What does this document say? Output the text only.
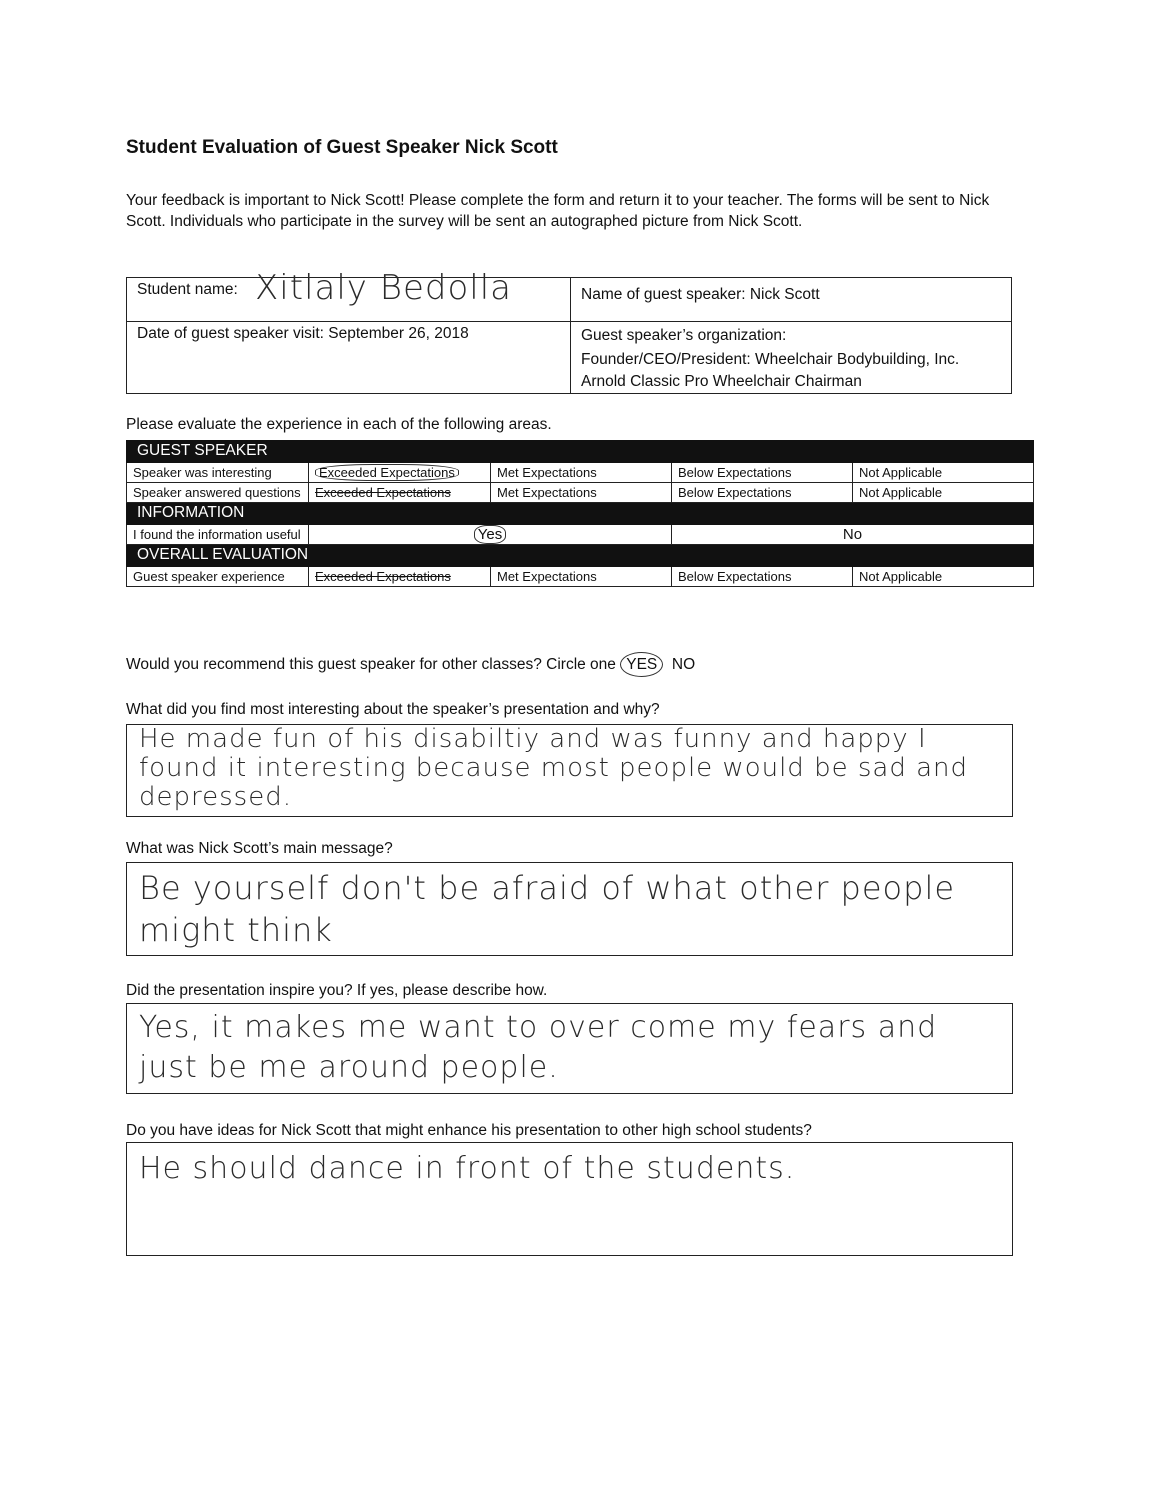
Student Evaluation of Guest Speaker Nick Scott
Your feedback is important to Nick Scott! Please complete the form and return it to your teacher. The forms will be sent to Nick Scott. Individuals who participate in the survey will be sent an autographed picture from Nick Scott.
Student name: Xitlaly Bedolla	Name of guest speaker: Nick Scott
Date of guest speaker visit: September 26, 2018	Guest speaker’s organization:
Founder/CEO/President: Wheelchair Bodybuilding, Inc.
Arnold Classic Pro Wheelchair Chairman
Please evaluate the experience in each of the following areas.
GUEST SPEAKER				
Speaker was interesting	Exceeded Expectations	Met Expectations	Below Expectations	Not Applicable
Speaker answered questions	Exceeded Expectations	Met Expectations	Below Expectations	Not Applicable
INFORMATION				
I found the information useful	Yes		No	
OVERALL EVALUATION				
Guest speaker experience	Exceeded Expectations	Met Expectations	Below Expectations	Not Applicable
Would you recommend this guest speaker for other classes? Circle one YES NO
What did you find most interesting about the speaker’s presentation and why?
He made fun of his disabiltiy and was funny and happy I found it interesting because most people would be sad and depressed.
What was Nick Scott’s main message?
Be yourself don't be afraid of what other people might think
Did the presentation inspire you? If yes, please describe how.
Yes, it makes me want to over come my fears and just be me around people.
Do you have ideas for Nick Scott that might enhance his presentation to other high school students?
He should dance in front of the students.
